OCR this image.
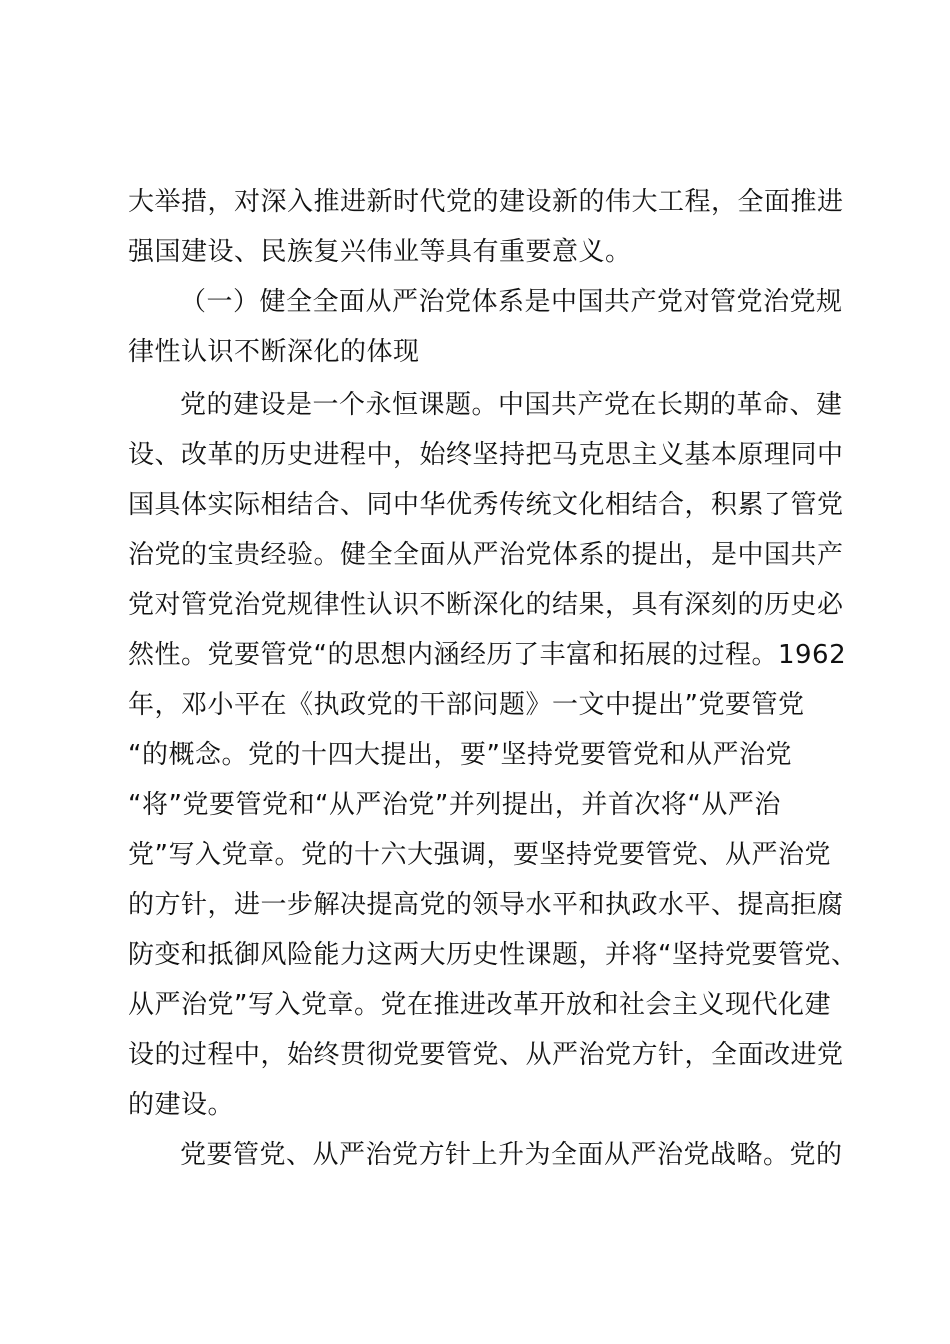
大举措，对深入推进新时代党的建设新的伟大工程，全面推进
强国建设、民族复兴伟业等具有重要意义。
（一）健全全面从严治党体系是中国共产党对管党治党规
律性认识不断深化的体现
党的建设是一个永恒课题。中国共产党在长期的革命、建
设、改革的历史进程中，始终坚持把马克思主义基本原理同中
国具体实际相结合、同中华优秀传统文化相结合，积累了管党
治党的宝贵经验。健全全面从严治党体系的提出，是中国共产
党对管党治党规律性认识不断深化的结果，具有深刻的历史必
然性。党要管党“的思想内涵经历了丰富和拓展的过程。1962
年，邓小平在《执政党的干部问题》一文中提出”党要管党
“的概念。党的十四大提出，要”坚持党要管党和从严治党
“将”党要管党和“从严治党”并列提出，并首次将“从严治
党”写入党章。党的十六大强调，要坚持党要管党、从严治党
的方针，进一步解决提高党的领导水平和执政水平、提高拒腐
防变和抵御风险能力这两大历史性课题，并将“坚持党要管党、
从严治党”写入党章。党在推进改革开放和社会主义现代化建
设的过程中，始终贯彻党要管党、从严治党方针，全面改进党
的建设。
党要管党、从严治党方针上升为全面从严治党战略。党的
